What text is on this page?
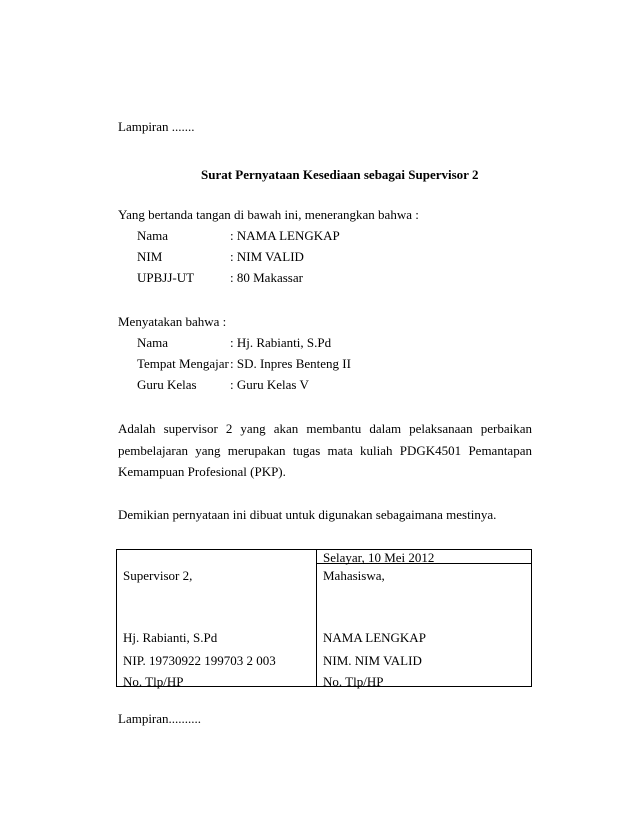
Lampiran .......
Surat Pernyataan Kesediaan sebagai Supervisor 2
Yang bertanda tangan di bawah ini, menerangkan bahwa :
Nama	: NAMA LENGKAP
NIM	: NIM VALID
UPBJJ-UT	: 80 Makassar
Menyatakan bahwa :
Nama	: Hj. Rabianti, S.Pd
Tempat Mengajar : SD. Inpres Benteng II
Guru Kelas	: Guru Kelas V
Adalah supervisor 2 yang akan membantu dalam pelaksanaan perbaikan
pembelajaran yang merupakan tugas mata kuliah PDGK4501 Pemantapan
Kemampuan Profesional (PKP).
Demikian pernyataan ini dibuat untuk digunakan sebagaimana mestinya.
Selayar, 10 Mei 2012
Supervisor 2,	Mahasiswa,
Hj. Rabianti, S.Pd	NAMA LENGKAP
NIP. 19730922 199703 2 003	NIM. NIM VALID
No. Tlp/HP	No. Tlp/HP
Lampiran..........
